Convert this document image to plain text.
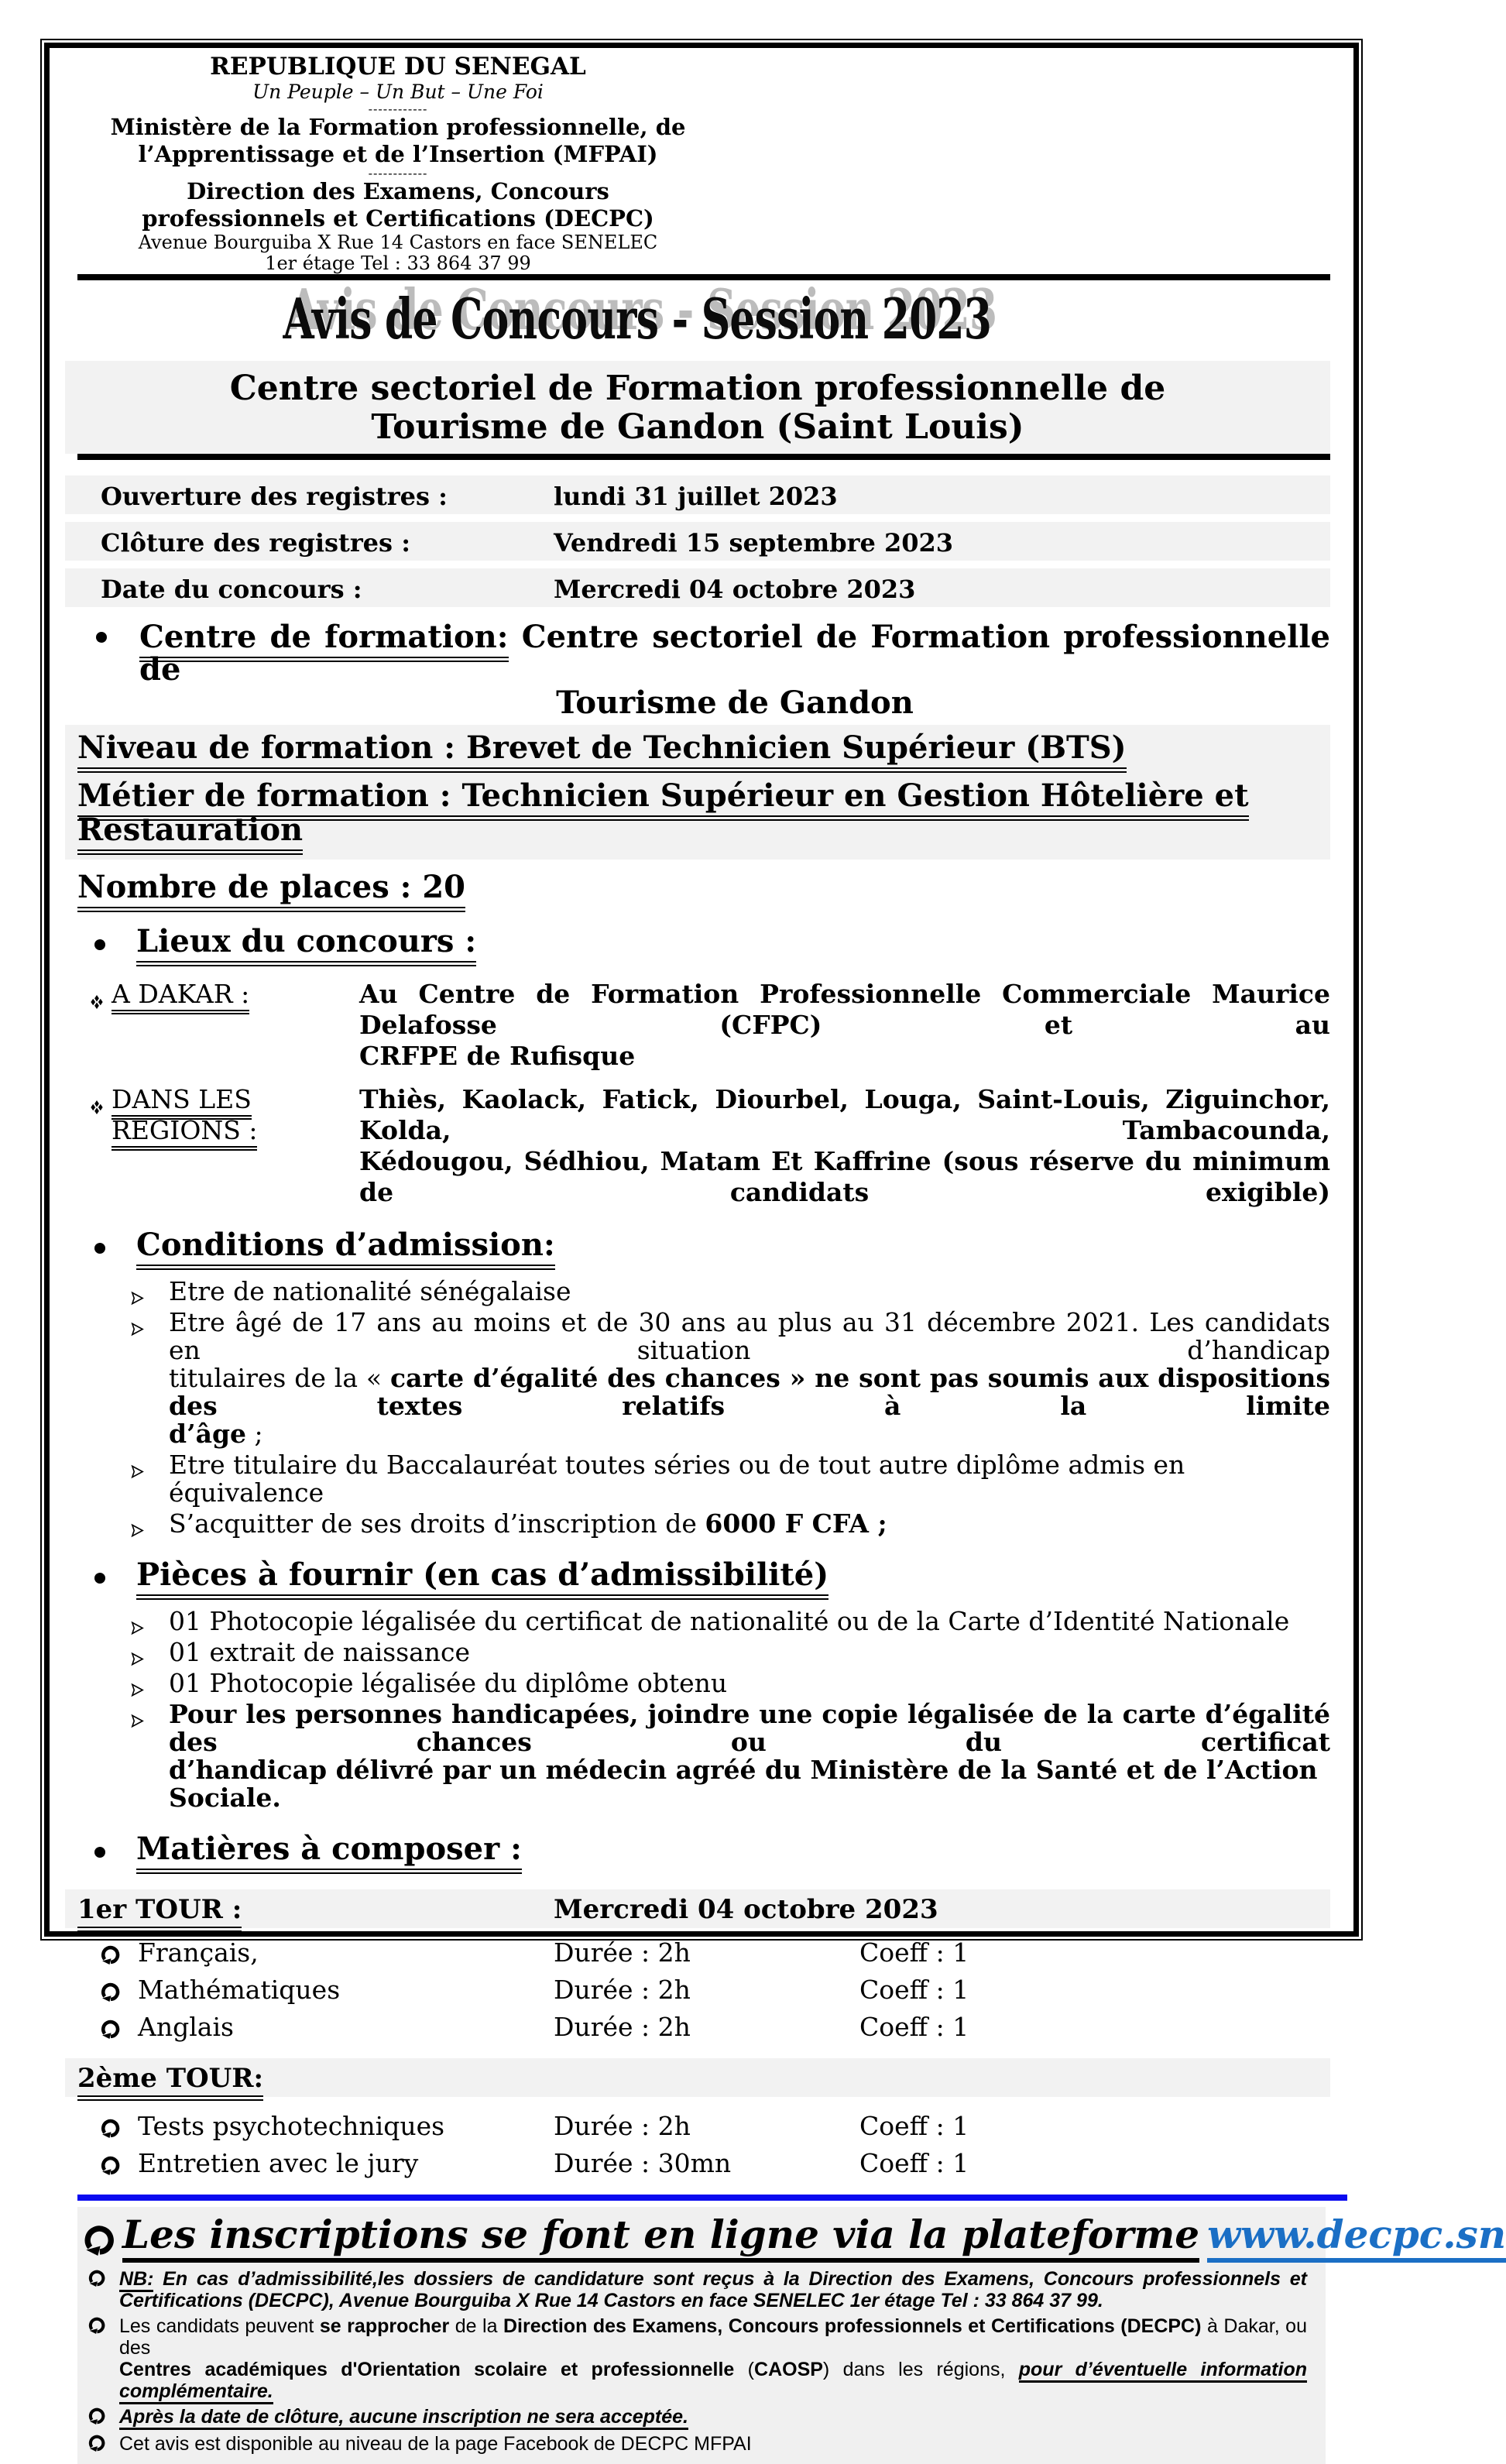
REPUBLIQUE DU SENEGAL
Un Peuple – Un But – Une Foi
------------
Ministère de la Formation professionnelle, de
l’Apprentissage et de l’Insertion (MFPAI)
------------
Direction des Examens, Concours
professionnels et Certifications (DECPC)
Avenue Bourguiba X Rue 14 Castors en face SENELEC
1er étage Tel : 33 864 37 99
Avis de Concours - Session 2023
Centre sectoriel de Formation professionnelle de
Tourisme de Gandon (Saint Louis)
Ouverture des registres :	lundi 31 juillet 2023
Clôture des registres :	Vendredi 15 septembre 2023
Date du concours :	Mercredi 04 octobre 2023
Centre de formation: Centre sectoriel de Formation professionnelle de
Tourisme de Gandon
Niveau de formation : Brevet de Technicien Supérieur (BTS)
Métier de formation : Technicien Supérieur en Gestion Hôtelière et Restauration
Nombre de places : 20
Lieux du concours :
A DAKAR :	Au Centre de Formation Professionnelle Commerciale Maurice Delafosse (CFPC) et au
CRFPE de Rufisque
DANS LES REGIONS :
Thiès, Kaolack, Fatick, Diourbel, Louga, Saint-Louis, Ziguinchor, Kolda, Tambacounda,
Kédougou, Sédhiou, Matam Et Kaffrine (sous réserve du minimum de candidats exigible)
Conditions d’admission:
Etre de nationalité sénégalaise
Etre âgé de 17 ans au moins et de 30 ans au plus au 31 décembre 2021. Les candidats en situation d’handicap
titulaires de la « carte d’égalité des chances » ne sont pas soumis aux dispositions des textes relatifs à la limite
d’âge ;
Etre titulaire du Baccalauréat toutes séries ou de tout autre diplôme admis en équivalence
S’acquitter de ses droits d’inscription de 6000 F CFA ;
Pièces à fournir (en cas d’admissibilité)
01 Photocopie légalisée du certificat de nationalité ou de la Carte d’Identité Nationale
01 extrait de naissance
01 Photocopie légalisée du diplôme obtenu
Pour les personnes handicapées, joindre une copie légalisée de la carte d’égalité des chances ou du certificat
d’handicap délivré par un médecin agréé du Ministère de la Santé et de l’Action Sociale.
Matières à composer :
1er TOUR :	Mercredi 04 octobre 2023
Français,	Durée : 2h	Coeff : 1
Mathématiques	Durée : 2h	Coeff : 1
Anglais	Durée : 2h	Coeff : 1
2ème TOUR:
Tests psychotechniques	Durée : 2h	Coeff : 1
Entretien avec le jury	Durée : 30mn	Coeff : 1
Les inscriptions se font en ligne via la plateforme www.decpc.sn
NB: En cas d’admissibilité,les dossiers de candidature sont reçus à la Direction des Examens, Concours professionnels et
Certifications (DECPC), Avenue Bourguiba X Rue 14 Castors en face SENELEC 1er étage Tel : 33 864 37 99.
Les candidats peuvent se rapprocher de la Direction des Examens, Concours professionnels et Certifications (DECPC) à Dakar, ou des
Centres académiques d'Orientation scolaire et professionnelle (CAOSP) dans les régions, pour d’éventuelle information
complémentaire.
Après la date de clôture, aucune inscription ne sera acceptée.
Cet avis est disponible au niveau de la page Facebook de DECPC MFPAI
